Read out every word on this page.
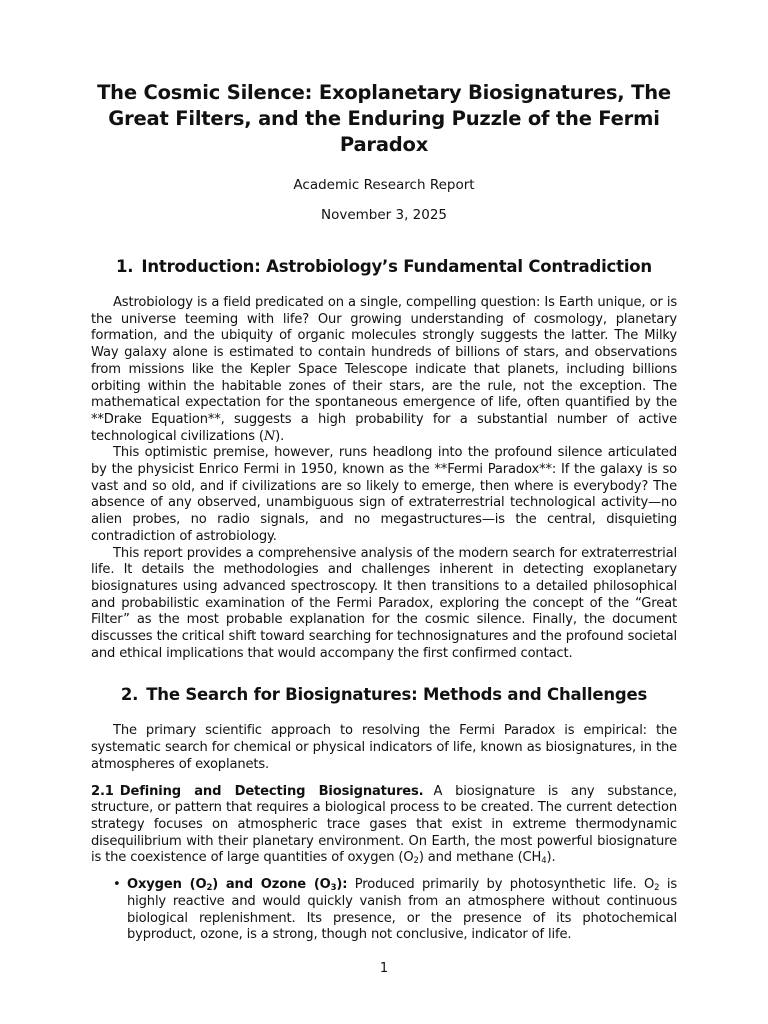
The Cosmic Silence: Exoplanetary Biosignatures, The Great Filters, and the Enduring Puzzle of the Fermi Paradox
Academic Research Report
November 3, 2025
1. Introduction: Astrobiology’s Fundamental Contradiction

Astrobiology is a field predicated on a single, compelling question: Is Earth unique, or is the universe teeming with life? Our growing understanding of cosmology, planetary formation, and the ubiquity of organic molecules strongly suggests the latter. The Milky Way galaxy alone is estimated to contain hundreds of billions of stars, and observations from missions like the Kepler Space Telescope indicate that planets, including billions orbiting within the habitable zones of their stars, are the rule, not the exception. The mathematical expectation for the spontaneous emergence of life, often quantified by the **Drake Equation**, suggests a high probability for a substantial number of active technological civilizations (N).

This optimistic premise, however, runs headlong into the profound silence articulated by the physicist Enrico Fermi in 1950, known as the **Fermi Paradox**: If the galaxy is so vast and so old, and if civilizations are so likely to emerge, then where is everybody? The absence of any observed, unambiguous sign of extraterrestrial technological activity—no alien probes, no radio signals, and no megastructures—is the central, disquieting contradiction of astrobiology.

This report provides a comprehensive analysis of the modern search for extraterrestrial life. It details the methodologies and challenges inherent in detecting exoplanetary biosignatures using advanced spectroscopy. It then transitions to a detailed philosophical and probabilistic examination of the Fermi Paradox, exploring the concept of the “Great Filter” as the most probable explanation for the cosmic silence. Finally, the document discusses the critical shift toward searching for technosignatures and the profound societal and ethical implications that would accompany the first confirmed contact.

2. The Search for Biosignatures: Methods and Challenges

The primary scientific approach to resolving the Fermi Paradox is empirical: the systematic search for chemical or physical indicators of life, known as biosignatures, in the atmospheres of exoplanets.

2.1 Defining and Detecting Biosignatures. A biosignature is any substance, structure, or pattern that requires a biological process to be created. The current detection strategy focuses on atmospheric trace gases that exist in extreme thermodynamic disequilibrium with their planetary environment. On Earth, the most powerful biosignature is the coexistence of large quantities of oxygen $(O_2)$ and methane $(CH_4)$.
• Oxygen $(O_2)$ and Ozone $(O_3)$: Produced primarily by photosynthetic life. $O_2$ is highly reactive and would quickly vanish from an atmosphere without continuous biological replenishment. Its presence, or the presence of its photochemical byproduct, ozone, is a strong, though not conclusive, indicator of life.
1
